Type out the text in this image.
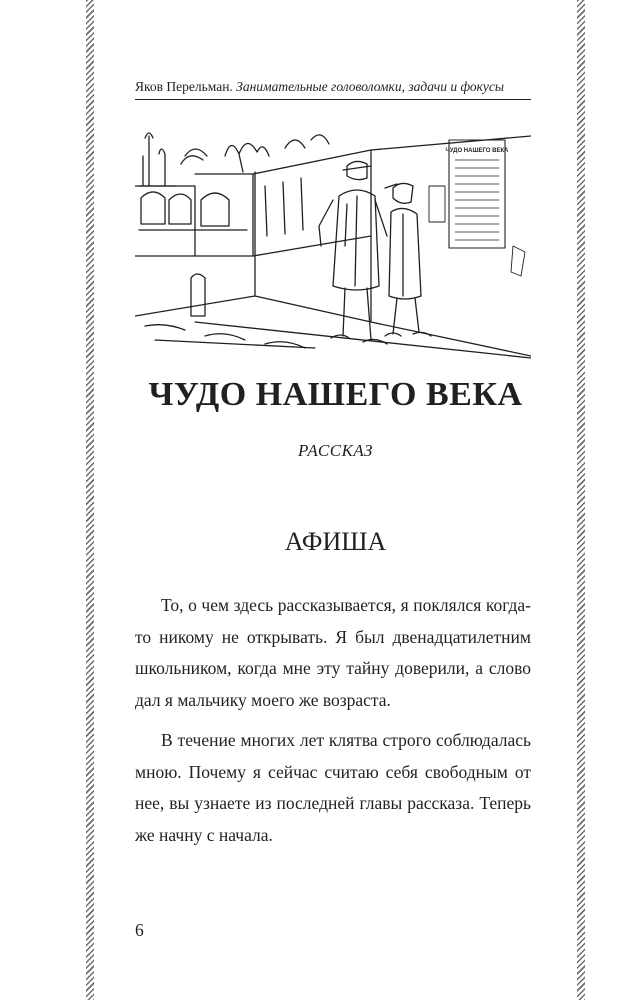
Яков Перельман. Занимательные головоломки, задачи и фокусы
ЧУДО НАШЕГО ВЕКА
ЧУДО НАШЕГО ВЕКА
РАССКАЗ
АФИША

То, о чем здесь рассказывается, я поклялся когда-то никому не открывать. Я был двенадцатилетним школьником, когда мне эту тайну доверили, а слово дал я мальчику моего же возраста.

В течение многих лет клятва строго соблюдалась мною. Почему я сейчас считаю себя свободным от нее, вы узнаете из последней главы рассказа. Теперь же начну с начала.

6
